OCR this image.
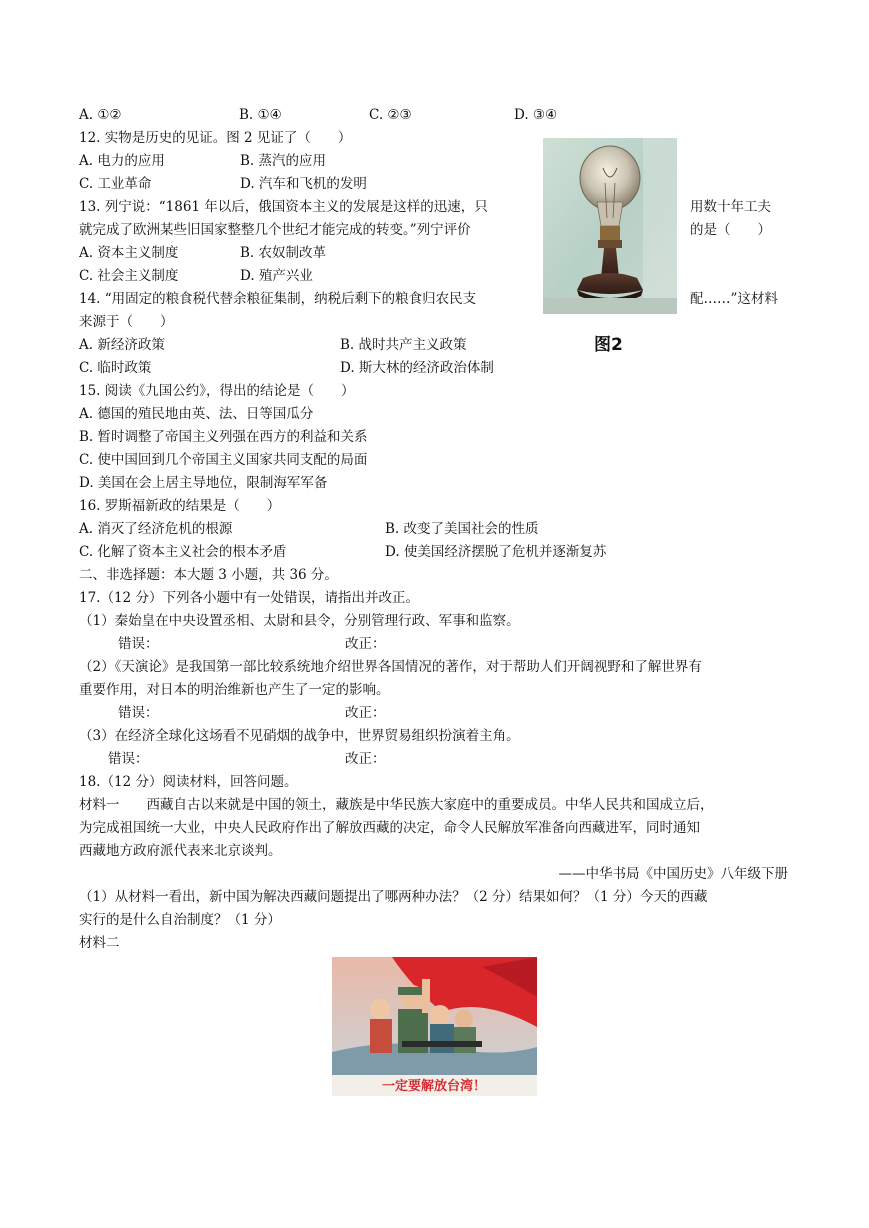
A. ①②	B. ①④	C. ②③	D. ③④
12. 实物是历史的见证。图 2 见证了（　　）
A. 电力的应用	B. 蒸汽的应用
C. 工业革命	D. 汽车和飞机的发明
13. 列宁说：“1861 年以后，俄国资本主义的发展是这样的迅速，只	用数十年工夫
就完成了欧洲某些旧国家整整几个世纪才能完成的转变。”列宁评价	的是（　　）
A. 资本主义制度	B. 农奴制改革
C. 社会主义制度	D. 殖产兴业
14. “用固定的粮食税代替余粮征集制，纳税后剩下的粮食归农民支	配……”这材料
来源于（　　）
A. 新经济政策	B. 战时共产主义政策
C. 临时政策	D. 斯大林的经济政治体制
图2
15. 阅读《九国公约》，得出的结论是（　　）
A. 德国的殖民地由英、法、日等国瓜分
B. 暂时调整了帝国主义列强在西方的利益和关系
C. 使中国回到几个帝国主义国家共同支配的局面
D. 美国在会上居主导地位，限制海军军备
16. 罗斯福新政的结果是（　　）
A. 消灭了经济危机的根源	B. 改变了美国社会的性质
C. 化解了资本主义社会的根本矛盾	D. 使美国经济摆脱了危机并逐渐复苏
二、非选择题：本大题 3 小题，共 36 分。
17.（12 分）下列各小题中有一处错误，请指出并改正。
（1）秦始皇在中央设置丞相、太尉和县令，分别管理行政、军事和监察。
错误：	改正：
（2）《天演论》是我国第一部比较系统地介绍世界各国情况的著作，对于帮助人们开阔视野和了解世界有
重要作用，对日本的明治维新也产生了一定的影响。
错误：	改正：
（3）在经济全球化这场看不见硝烟的战争中，世界贸易组织扮演着主角。
错误：	改正：
18.（12 分）阅读材料，回答问题。
材料一　　西藏自古以来就是中国的领土，藏族是中华民族大家庭中的重要成员。中华人民共和国成立后，
为完成祖国统一大业，中央人民政府作出了解放西藏的决定，命令人民解放军准备向西藏进军，同时通知
西藏地方政府派代表来北京谈判。
——中华书局《中国历史》八年级下册
（1）从材料一看出，新中国为解决西藏问题提出了哪两种办法？（2 分）结果如何？（1 分）今天的西藏
实行的是什么自治制度？（1 分）
材料二
一定要解放台湾！
